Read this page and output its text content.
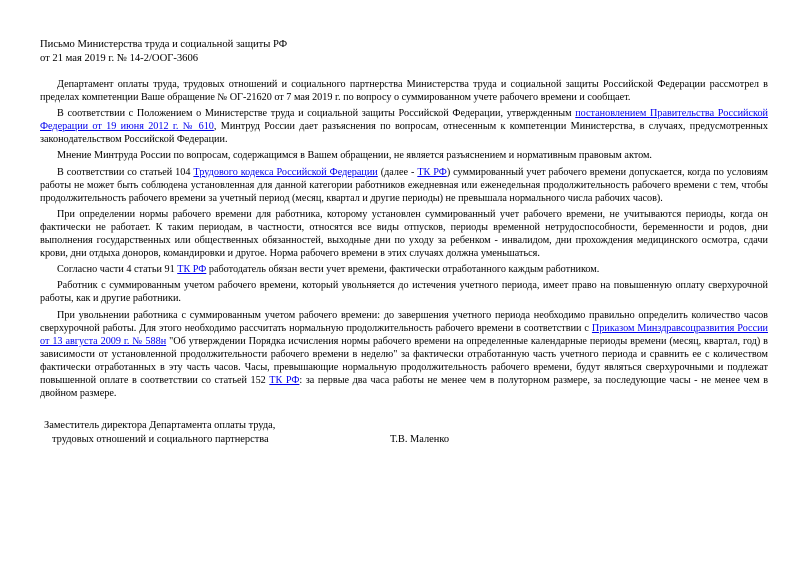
Письмо Министерства труда и социальной защиты РФ
от 21 мая 2019 г. № 14-2/ООГ-3606

Департамент оплаты труда, трудовых отношений и социального партнерства Министерства труда и социальной защиты Российской Федерации рассмотрел в пределах компетенции Ваше обращение № ОГ-21620 от 7 мая 2019 г. по вопросу о суммированном учете рабочего времени и сообщает.

В соответствии с Положением о Министерстве труда и социальной защиты Российской Федерации, утвержденным постановлением Правительства Российской Федерации от 19 июня 2012 г. № 610, Минтруд России дает разъяснения по вопросам, отнесенным к компетенции Министерства, в случаях, предусмотренных законодательством Российской Федерации.

Мнение Минтруда России по вопросам, содержащимся в Вашем обращении, не является разъяснением и нормативным правовым актом.

В соответствии со статьей 104 Трудового кодекса Российской Федерации (далее - ТК РФ) суммированный учет рабочего времени допускается, когда по условиям работы не может быть соблюдена установленная для данной категории работников ежедневная или еженедельная продолжительность рабочего времени с тем, чтобы продолжительность рабочего времени за учетный период (месяц, квартал и другие периоды) не превышала нормального числа рабочих часов).

При определении нормы рабочего времени для работника, которому установлен суммированный учет рабочего времени, не учитываются периоды, когда он фактически не работает. К таким периодам, в частности, относятся все виды отпусков, периоды временной нетрудоспособности, беременности и родов, дни выполнения государственных или общественных обязанностей, выходные дни по уходу за ребенком - инвалидом, дни прохождения медицинского осмотра, сдачи крови, дни отдыха доноров, командировки и другое. Норма рабочего времени в этих случаях должна уменьшаться.

Согласно части 4 статьи 91 ТК РФ работодатель обязан вести учет времени, фактически отработанного каждым работником.

Работник с суммированным учетом рабочего времени, который увольняется до истечения учетного периода, имеет право на повышенную оплату сверхурочной работы, как и другие работники.

При увольнении работника с суммированным учетом рабочего времени: до завершения учетного периода необходимо правильно определить количество часов сверхурочной работы. Для этого необходимо рассчитать нормальную продолжительность рабочего времени в соответствии с Приказом Минздравсоцразвития России от 13 августа 2009 г. № 588н "Об утверждении Порядка исчисления нормы рабочего времени на определенные календарные периоды времени (месяц, квартал, год) в зависимости от установленной продолжительности рабочего времени в неделю" за фактически отработанную часть учетного периода и сравнить ее с количеством фактически отработанных в эту часть часов. Часы, превышающие нормальную продолжительность рабочего времени, будут являться сверхурочными и подлежат повышенной оплате в соответствии со статьей 152 ТК РФ: за первые два часа работы не менее чем в полуторном размере, за последующие часы - не менее чем в двойном размере.

Заместитель директора Департамента оплаты труда,
трудовых отношений и социального партнерства	Т.В. Маленко
